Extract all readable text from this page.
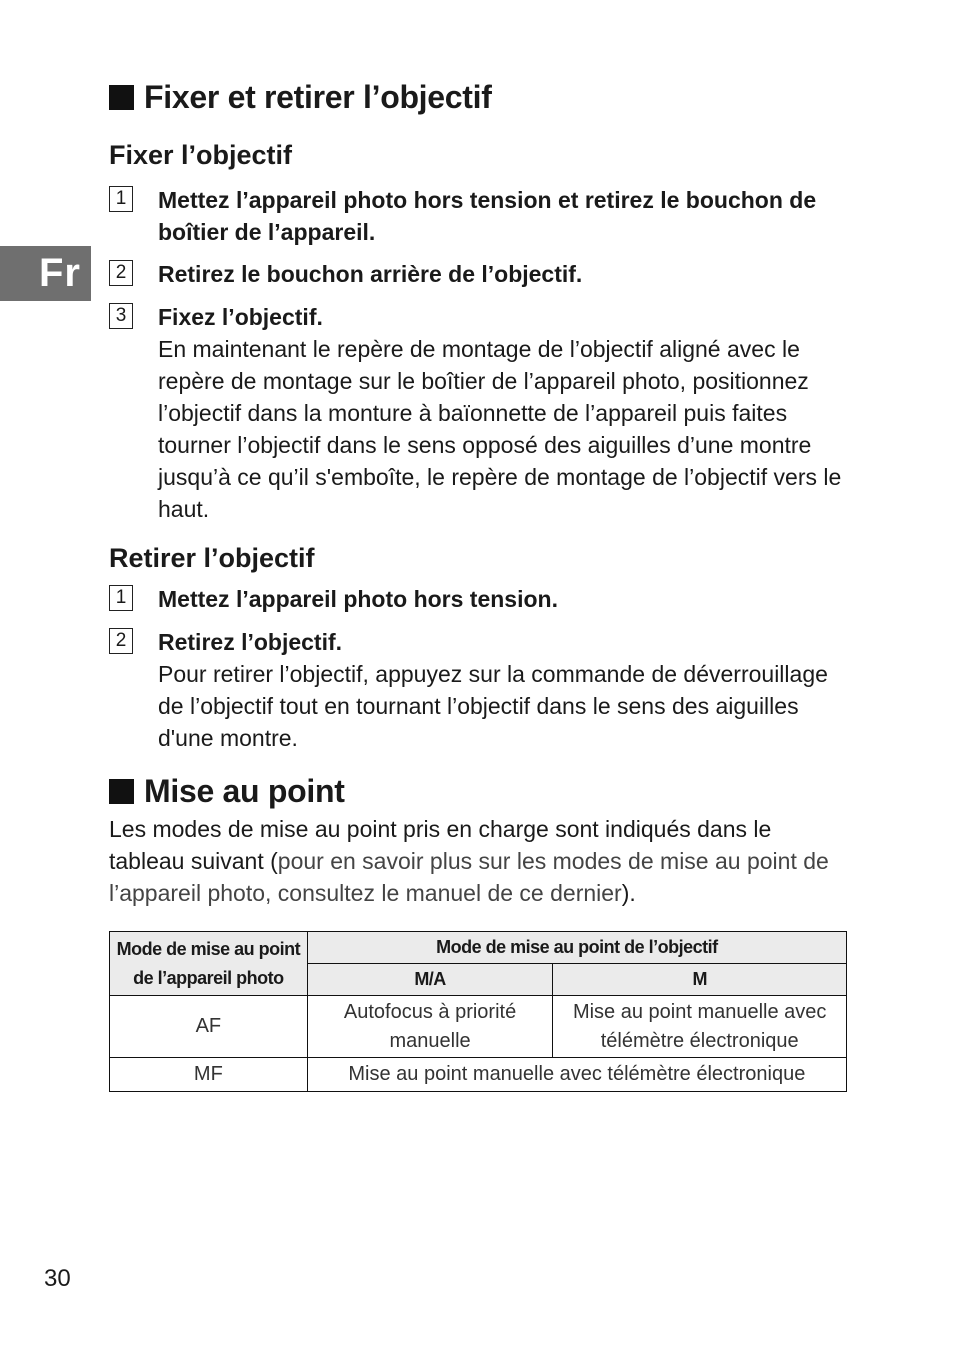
Fr
Fixer et retirer l’objectif
Fixer l’objectif
1 Mettez l’appareil photo hors tension et retirez le bouchon de boîtier de l’appareil.
2 Retirez le bouchon arrière de l’objectif.
3 Fixez l’objectif.
En maintenant le repère de montage de l’objectif aligné avec le repère de montage sur le boîtier de l’appareil photo, positionnez l’objectif dans la monture à baïonnette de l’appareil puis faites tourner l’objectif dans le sens opposé des aiguilles d’une montre jusqu’à ce qu’il s'emboîte, le repère de montage de l’objectif vers le haut.
Retirer l’objectif
1 Mettez l’appareil photo hors tension.
2 Retirez l’objectif.
Pour retirer l’objectif, appuyez sur la commande de déverrouillage de l’objectif tout en tournant l’objectif dans le sens des aiguilles d'une montre.
Mise au point

Les modes de mise au point pris en charge sont indiqués dans le tableau suivant (pour en savoir plus sur les modes de mise au point de l’appareil photo, consultez le manuel de ce dernier).

Mode de mise au point de l’appareil photo	Mode de mise au point de l’objectif	
	M/A	M
AF	Autofocus à priorité manuelle	Mise au point manuelle avec télémètre électronique
MF	Mise au point manuelle avec télémètre électronique	
30
